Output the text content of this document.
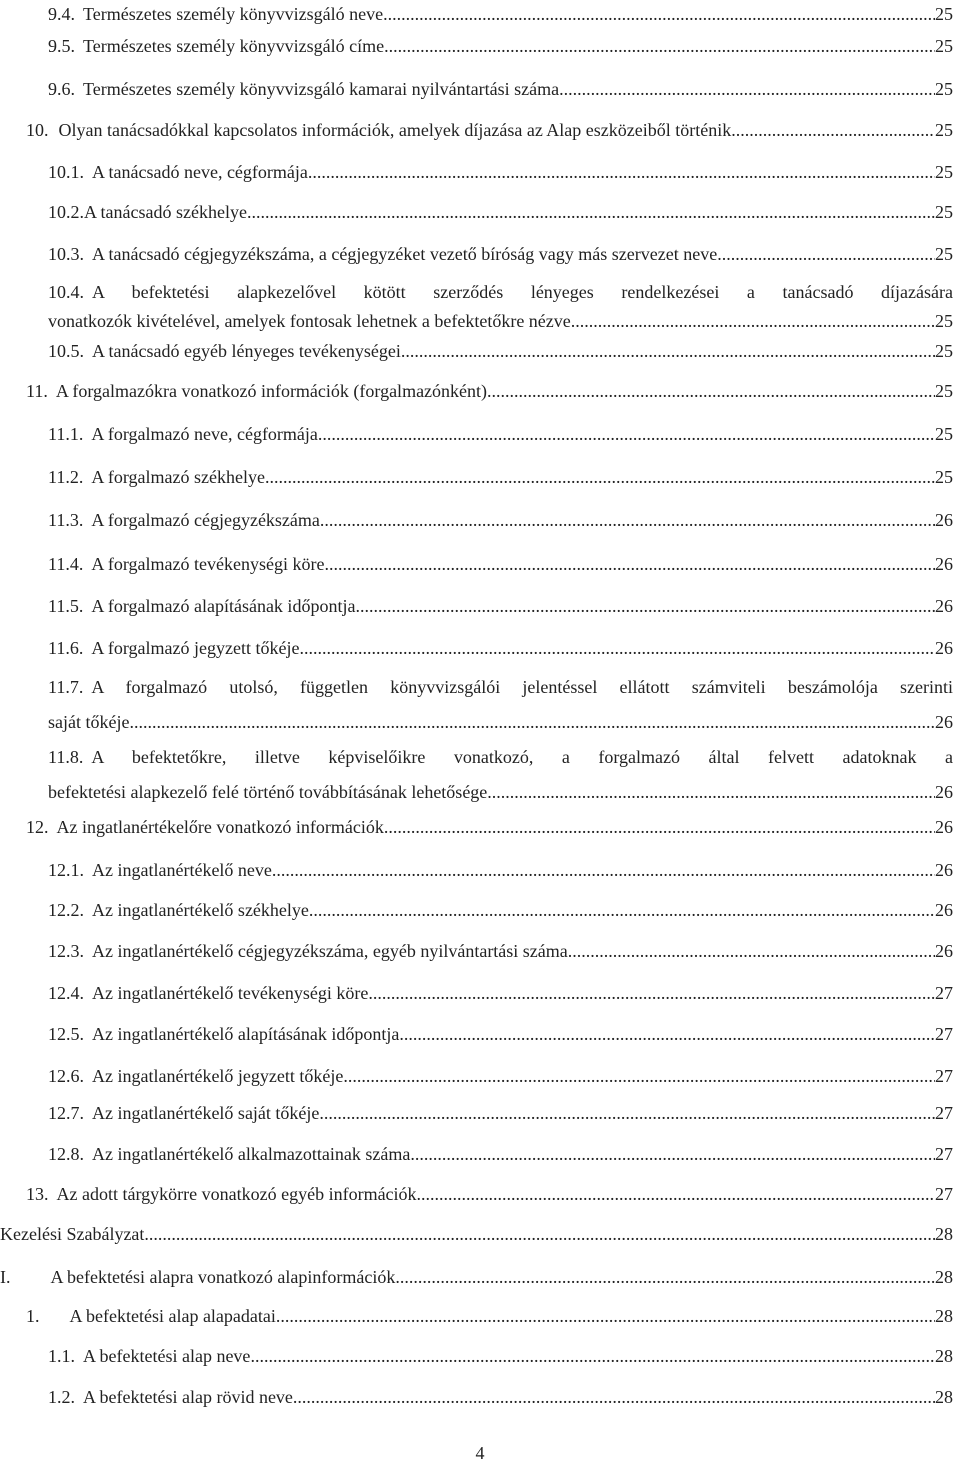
9.4. Természetes személy könyvvizsgáló neve .....	25
9.5. Természetes személy könyvvizsgáló címe .....	25
9.6. Természetes személy könyvvizsgáló kamarai nyilvántartási száma .....	25
10. Olyan tanácsadókkal kapcsolatos információk, amelyek díjazása az Alap eszközeiből történik .....	25
10.1. A tanácsadó neve, cégformája .....	25
10.2.A tanácsadó székhelye .....	25
10.3. A tanácsadó cégjegyzékszáma, a cégjegyzéket vezető bíróság vagy más szervezet neve .....	25
10.4. A befektetési alapkezelővel kötött szerződés lényeges rendelkezései a tanácsadó díjazására
vonatkozók kivételével, amelyek fontosak lehetnek a befektetőkre nézve .....	25
10.5. A tanácsadó egyéb lényeges tevékenységei .....	25
11. A forgalmazókra vonatkozó információk (forgalmazónként) .....	25
11.1. A forgalmazó neve, cégformája .....	25
11.2. A forgalmazó székhelye .....	25
11.3. A forgalmazó cégjegyzékszáma .....	26
11.4. A forgalmazó tevékenységi köre .....	26
11.5. A forgalmazó alapításának időpontja .....	26
11.6. A forgalmazó jegyzett tőkéje .....	26
11.7. A forgalmazó utolsó, független könyvvizsgálói jelentéssel ellátott számviteli beszámolója szerinti
saját tőkéje .....	26
11.8. A befektetőkre, illetve képviselőikre vonatkozó, a forgalmazó által felvett adatoknak a
befektetési alapkezelő felé történő továbbításának lehetősége .....	26
12. Az ingatlanértékelőre vonatkozó információk .....	26
12.1. Az ingatlanértékelő neve .....	26
12.2. Az ingatlanértékelő székhelye .....	26
12.3. Az ingatlanértékelő cégjegyzékszáma, egyéb nyilvántartási száma .....	26
12.4. Az ingatlanértékelő tevékenységi köre .....	27
12.5. Az ingatlanértékelő alapításának időpontja .....	27
12.6. Az ingatlanértékelő jegyzett tőkéje .....	27
12.7. Az ingatlanértékelő saját tőkéje .....	27
12.8. Az ingatlanértékelő alkalmazottainak száma .....	27
13. Az adott tárgykörre vonatkozó egyéb információk .....	27
Kezelési Szabályzat .....	28
I. A befektetési alapra vonatkozó alapinformációk .....	28
1. A befektetési alap alapadatai .....	28
1.1. A befektetési alap neve .....	28
1.2. A befektetési alap rövid neve .....	28
4
